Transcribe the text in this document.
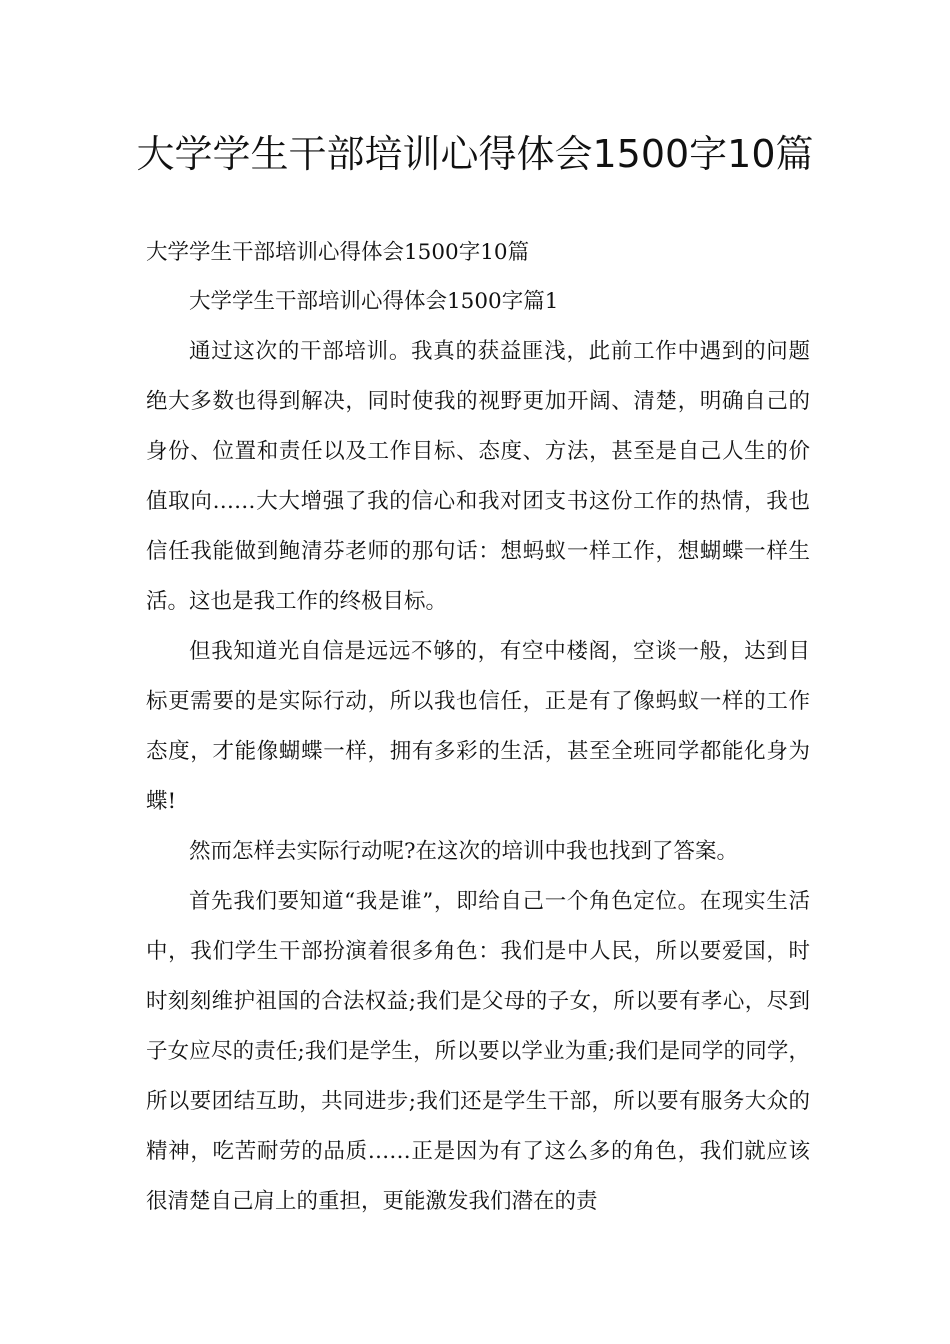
大学学生干部培训心得体会1500字10篇

大学学生干部培训心得体会1500字10篇

大学学生干部培训心得体会1500字篇1

通过这次的干部培训。我真的获益匪浅，此前工作中遇到的问题绝大多数也得到解决，同时使我的视野更加开阔、清楚，明确自己的身份、位置和责任以及工作目标、态度、方法，甚至是自己人生的价值取向……大大增强了我的信心和我对团支书这份工作的热情，我也信任我能做到鲍清芬老师的那句话：想蚂蚁一样工作，想蝴蝶一样生活。这也是我工作的终极目标。

但我知道光自信是远远不够的，有空中楼阁，空谈一般，达到目标更需要的是实际行动，所以我也信任，正是有了像蚂蚁一样的工作态度，才能像蝴蝶一样，拥有多彩的生活，甚至全班同学都能化身为蝶!

然而怎样去实际行动呢?在这次的培训中我也找到了答案。

首先我们要知道“我是谁”，即给自己一个角色定位。在现实生活中，我们学生干部扮演着很多角色：我们是中人民，所以要爱国，时时刻刻维护祖国的合法权益;我们是父母的子女，所以要有孝心，尽到子女应尽的责任;我们是学生，所以要以学业为重;我们是同学的同学，所以要团结互助，共同进步;我们还是学生干部，所以要有服务大众的精神，吃苦耐劳的品质……正是因为有了这么多的角色，我们就应该很清楚自己肩上的重担，更能激发我们潜在的责
